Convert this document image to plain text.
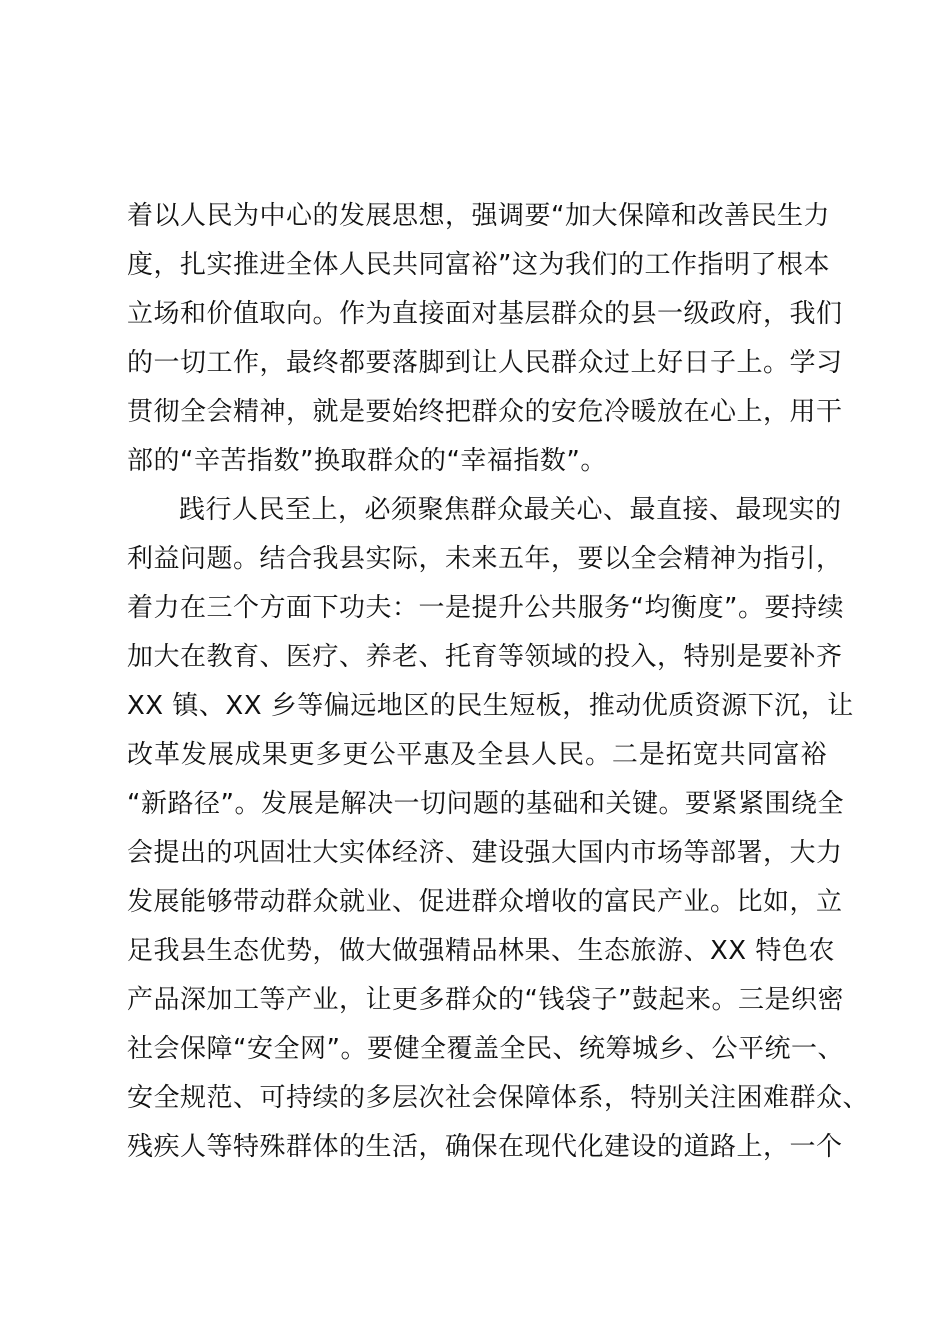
着以人民为中心的发展思想，强调要“加大保障和改善民生力
度，扎实推进全体人民共同富裕”这为我们的工作指明了根本
立场和价值取向。作为直接面对基层群众的县一级政府，我们
的一切工作，最终都要落脚到让人民群众过上好日子上。学习
贯彻全会精神，就是要始终把群众的安危冷暖放在心上，用干
部的“辛苦指数”换取群众的“幸福指数”。
践行人民至上，必须聚焦群众最关心、最直接、最现实的
利益问题。结合我县实际，未来五年，要以全会精神为指引，
着力在三个方面下功夫：一是提升公共服务“均衡度”。要持续
加大在教育、医疗、养老、托育等领域的投入，特别是要补齐
XX 镇、XX 乡等偏远地区的民生短板，推动优质资源下沉，让
改革发展成果更多更公平惠及全县人民。二是拓宽共同富裕
“新路径”。发展是解决一切问题的基础和关键。要紧紧围绕全
会提出的巩固壮大实体经济、建设强大国内市场等部署，大力
发展能够带动群众就业、促进群众增收的富民产业。比如，立
足我县生态优势，做大做强精品林果、生态旅游、XX 特色农
产品深加工等产业，让更多群众的“钱袋子”鼓起来。三是织密
社会保障“安全网”。要健全覆盖全民、统筹城乡、公平统一、
安全规范、可持续的多层次社会保障体系，特别关注困难群众、
残疾人等特殊群体的生活，确保在现代化建设的道路上，一个
